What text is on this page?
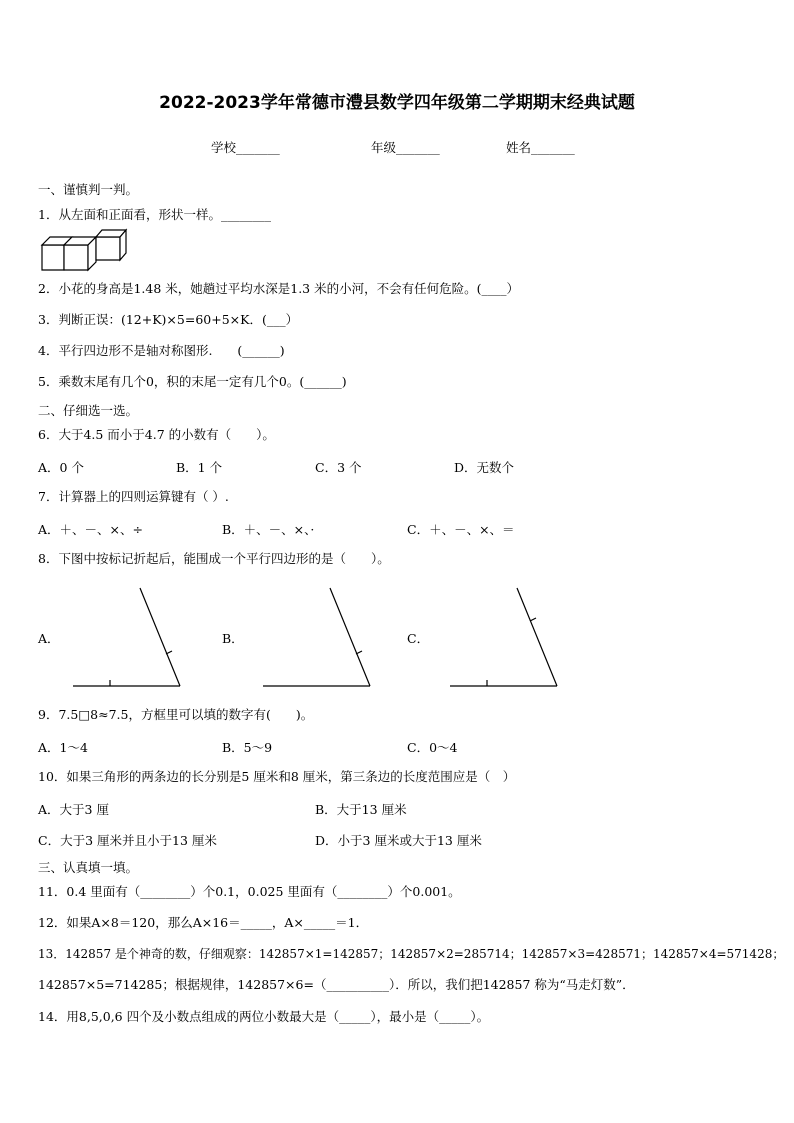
2022-2023学年常德市澧县数学四年级第二学期期末经典试题
学校_______	年级_______	姓名_______
一、谨慎判一判。
1．从左面和正面看，形状一样。________
2．小花的身高是1.48 米，她趟过平均水深是1.3 米的小河，不会有任何危险。(____）
3．判断正误：(12+K)×5=60+5×K．(___）
4．平行四边形不是轴对称图形.　　(______)
5．乘数末尾有几个0，积的末尾一定有几个0。(______)
二、仔细选一选。
6．大于4.5 而小于4.7 的小数有（　　）。
A．0 个	B．1 个	C．3 个	D．无数个
7．计算器上的四则运算键有（ ）.
A．＋、－、×、÷	B．＋、－、×、·	C．＋、－、×、＝
8．下图中按标记折起后，能围成一个平行四边形的是（　　）。
A．	B．	C．
9．7.5□8≈7.5，方框里可以填的数字有(　　)。
A．1～4	B．5～9	C．0～4
10．如果三角形的两条边的长分别是5 厘米和8 厘米，第三条边的长度范围应是（　）
A．大于3 厘	B．大于13 厘米
C．大于3 厘米并且小于13 厘米	D．小于3 厘米或大于13 厘米
三、认真填一填。
11．0.4 里面有（________）个0.1，0.025 里面有（________）个0.001。
12．如果A×8＝120，那么A×16＝_____，A×_____＝1．
13．142857 是个神奇的数，仔细观察：142857×1=142857；142857×2=285714；142857×3=428571；142857×4=571428；
142857×5=714285；根据规律，142857×6=（__________）．所以，我们把142857 称为“马走灯数”．
14．用8,5,0,6 四个及小数点组成的两位小数最大是（_____），最小是（_____）。
